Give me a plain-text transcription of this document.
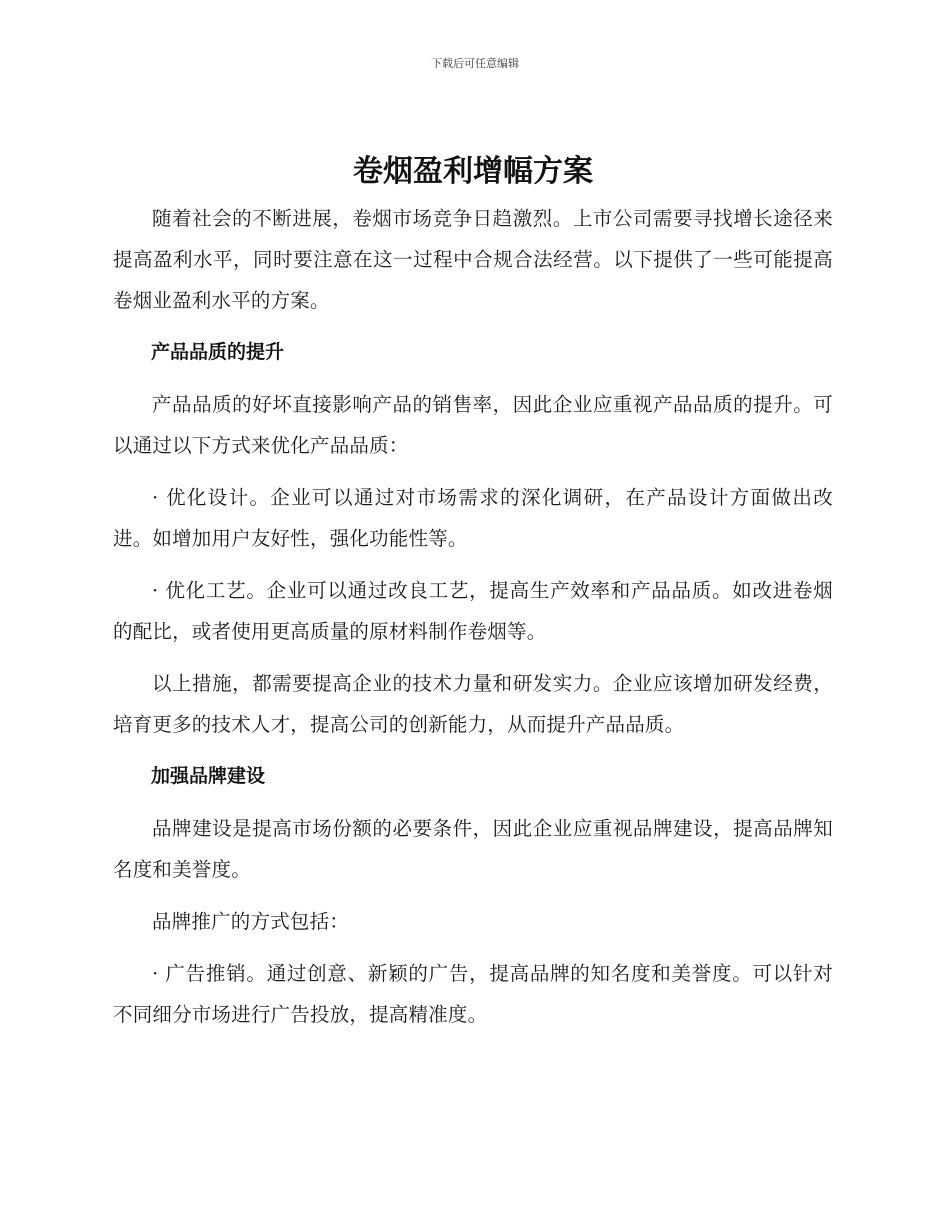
下载后可任意编辑
卷烟盈利增幅方案

随着社会的不断进展，卷烟市场竞争日趋激烈。上市公司需要寻找增长途径来提高盈利水平，同时要注意在这一过程中合规合法经营。以下提供了一些可能提高卷烟业盈利水平的方案。

产品品质的提升

产品品质的好坏直接影响产品的销售率，因此企业应重视产品品质的提升。可以通过以下方式来优化产品品质：

· 优化设计。企业可以通过对市场需求的深化调研，在产品设计方面做出改进。如增加用户友好性，强化功能性等。

· 优化工艺。企业可以通过改良工艺，提高生产效率和产品品质。如改进卷烟的配比，或者使用更高质量的原材料制作卷烟等。

以上措施，都需要提高企业的技术力量和研发实力。企业应该增加研发经费，培育更多的技术人才，提高公司的创新能力，从而提升产品品质。

加强品牌建设

品牌建设是提高市场份额的必要条件，因此企业应重视品牌建设，提高品牌知名度和美誉度。

品牌推广的方式包括：

· 广告推销。通过创意、新颖的广告，提高品牌的知名度和美誉度。可以针对不同细分市场进行广告投放，提高精准度。
